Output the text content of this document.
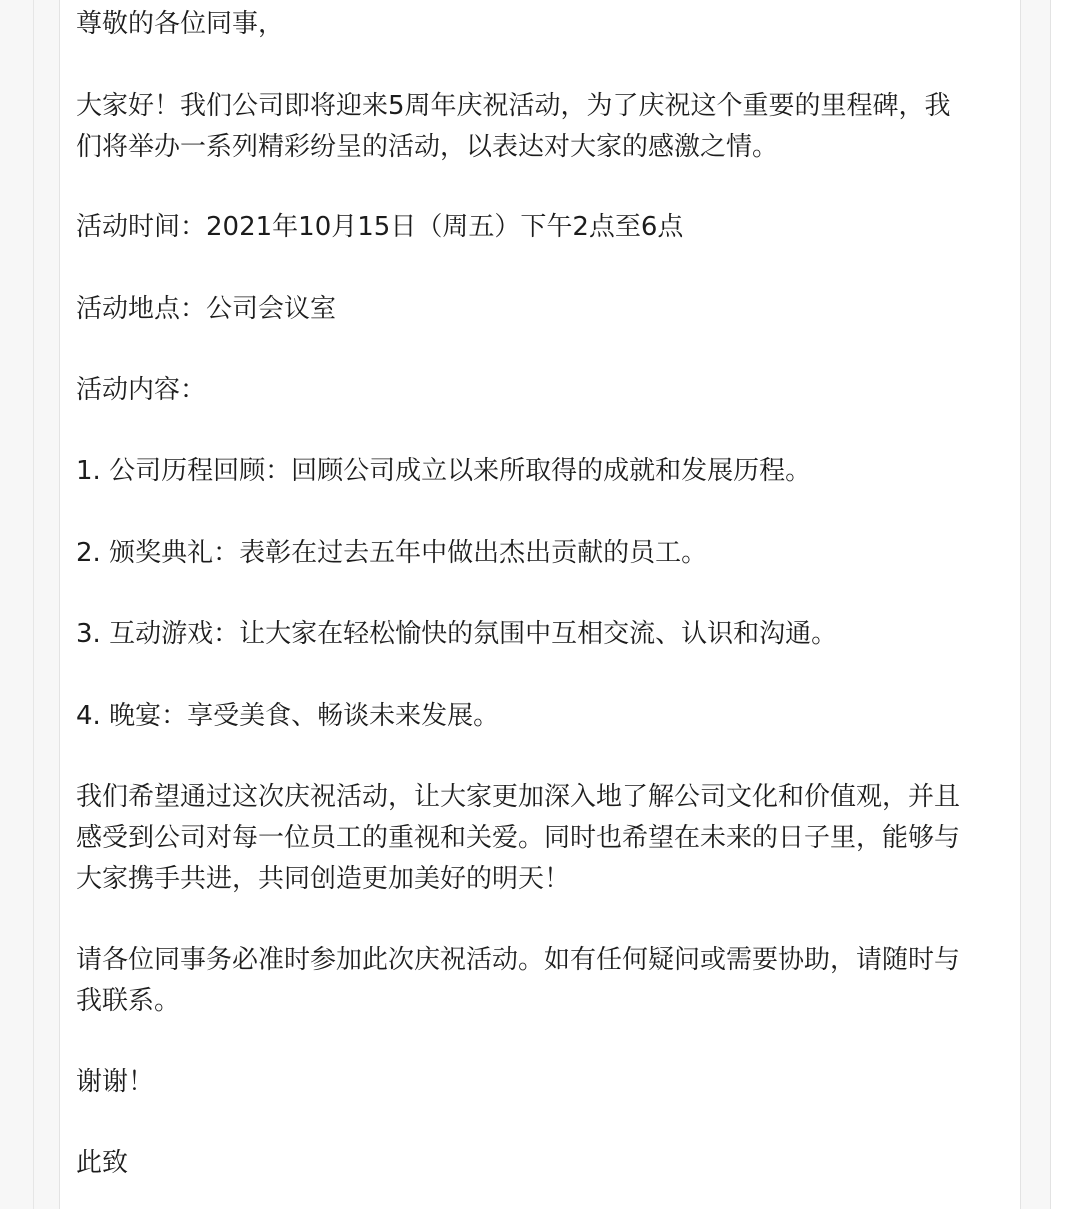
尊敬的各位同事，

大家好！我们公司即将迎来5周年庆祝活动，为了庆祝这个重要的里程碑，我

们将举办一系列精彩纷呈的活动，以表达对大家的感激之情。

活动时间：2021年10月15日（周五）下午2点至6点

活动地点：公司会议室

活动内容：

1. 公司历程回顾：回顾公司成立以来所取得的成就和发展历程。

2. 颁奖典礼：表彰在过去五年中做出杰出贡献的员工。

3. 互动游戏：让大家在轻松愉快的氛围中互相交流、认识和沟通。

4. 晚宴：享受美食、畅谈未来发展。

我们希望通过这次庆祝活动，让大家更加深入地了解公司文化和价值观，并且

感受到公司对每一位员工的重视和关爱。同时也希望在未来的日子里，能够与

大家携手共进，共同创造更加美好的明天！

请各位同事务必准时参加此次庆祝活动。如有任何疑问或需要协助，请随时与

我联系。

谢谢！

此致
